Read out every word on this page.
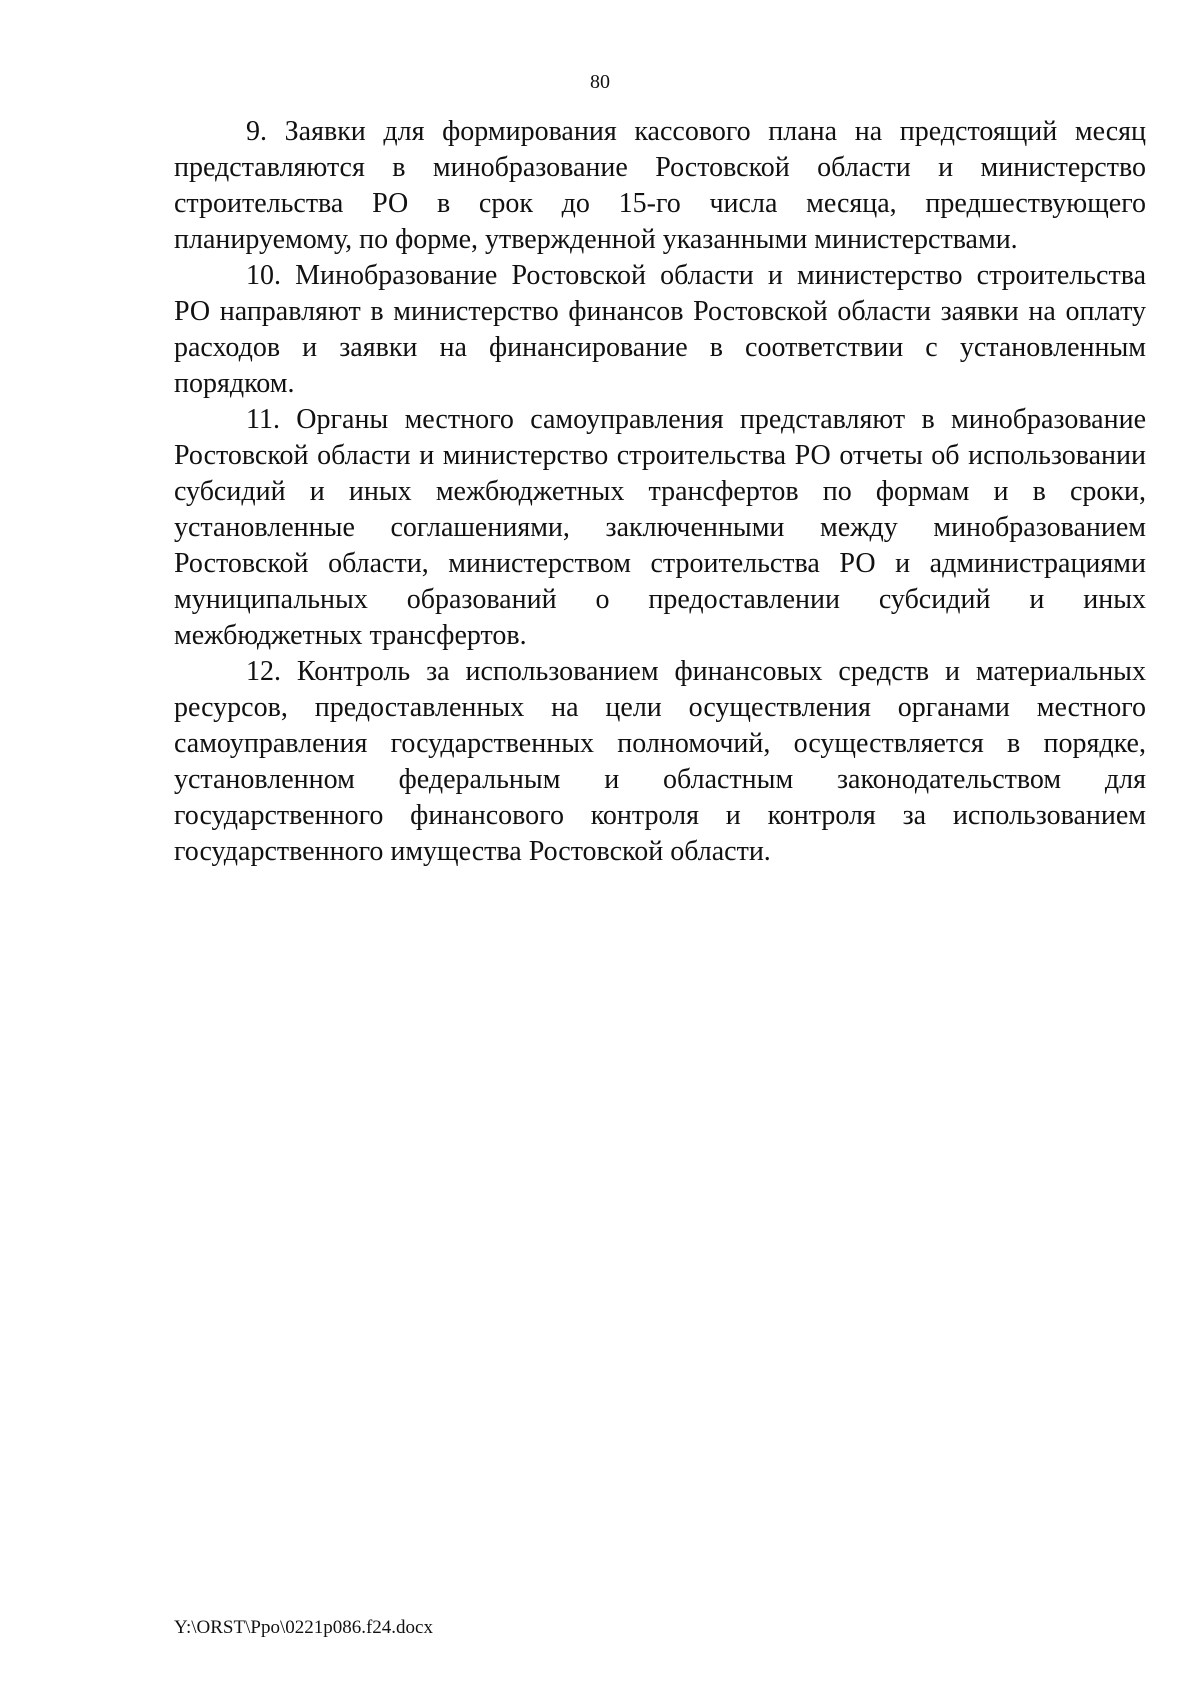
80

9. Заявки для формирования кассового плана на предстоящий месяц представляются в минобразование Ростовской области и министерство строительства РО в срок до 15-го числа месяца, предшествующего планируемому, по форме, утвержденной указанными министерствами.

10. Минобразование Ростовской области и министерство строительства РО направляют в министерство финансов Ростовской области заявки на оплату расходов и заявки на финансирование в соответствии с установленным порядком.

11. Органы местного самоуправления представляют в минобразование Ростовской области и министерство строительства РО отчеты об использовании субсидий и иных межбюджетных трансфертов по формам и в сроки, установленные соглашениями, заключенными между минобразованием Ростовской области, министерством строительства РО и администрациями муниципальных образований о предоставлении субсидий и иных межбюджетных трансфертов.

12. Контроль за использованием финансовых средств и материальных ресурсов, предоставленных на цели осуществления органами местного самоуправления государственных полномочий, осуществляется в порядке, установленном федеральным и областным законодательством для государственного финансового контроля и контроля за использованием государственного имущества Ростовской области.

Y:\ORST\Ppo\0221p086.f24.docx
